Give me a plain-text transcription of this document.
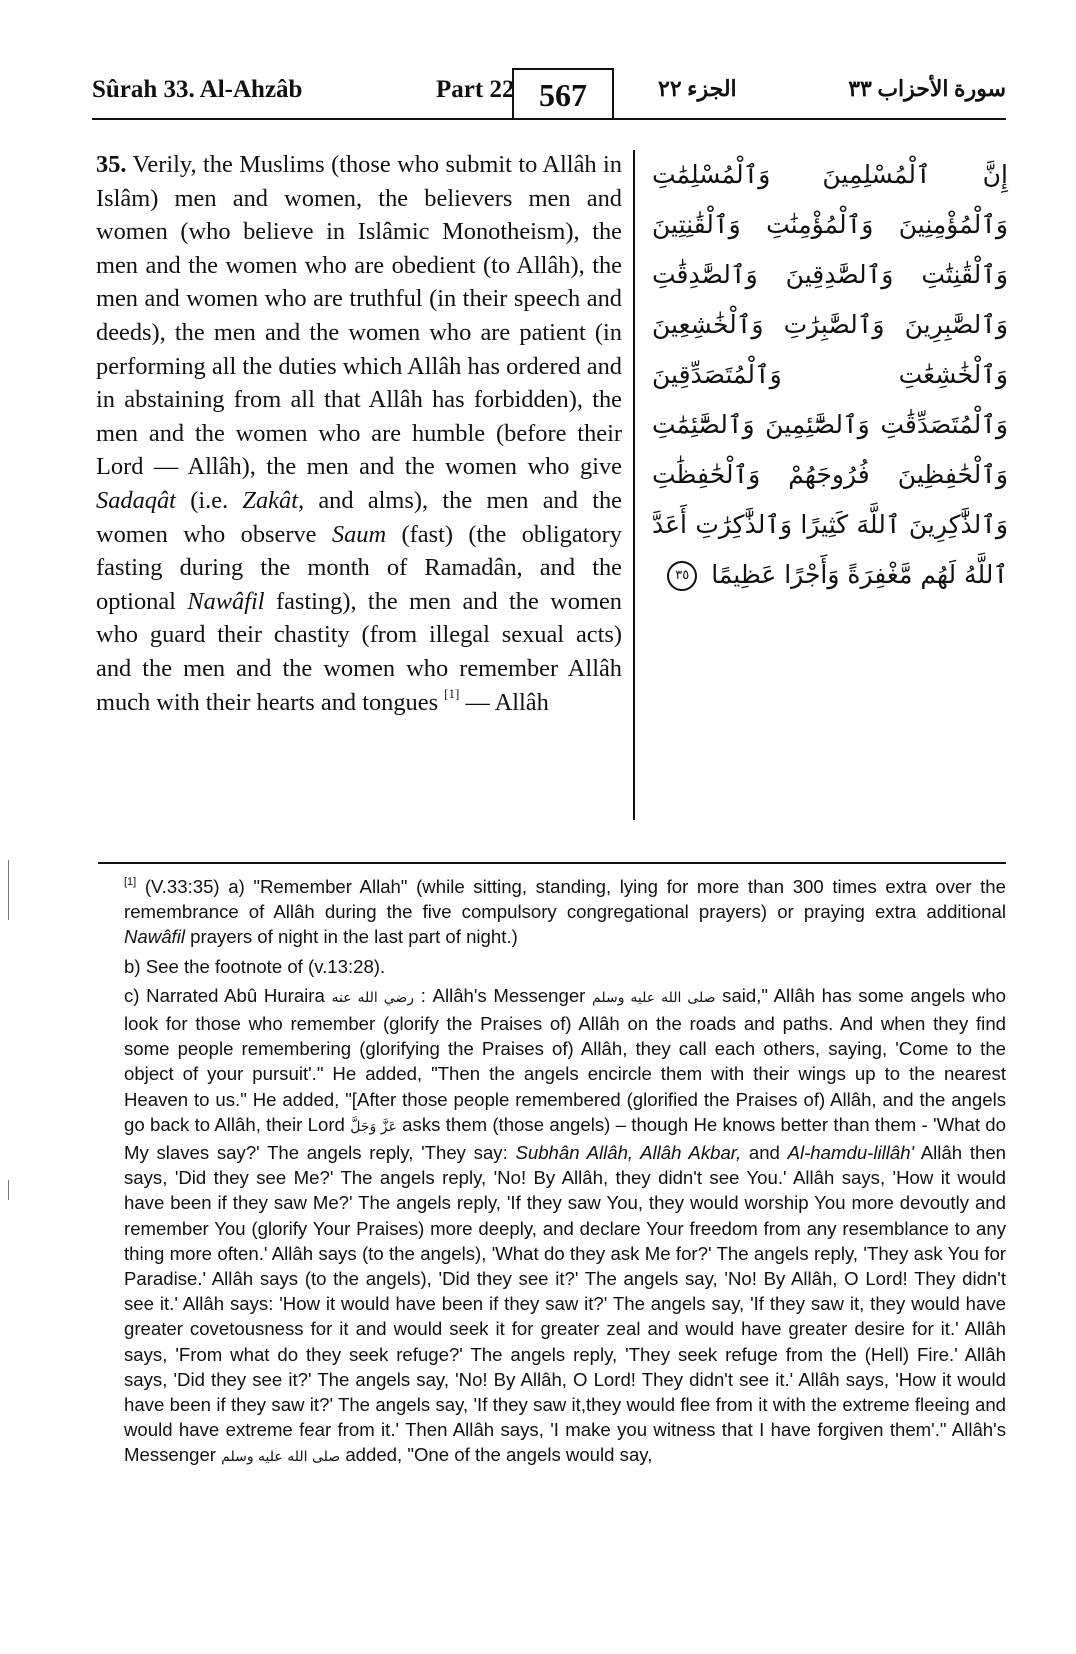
Sûrah 33. Al-Ahzâb	Part 22 567	الجزء ٢٢	سورة الأحزاب ٣٣

35. Verily, the Muslims (those who submit to Allâh in Islâm) men and women, the believers men and women (who believe in Islâmic Monotheism), the men and the women who are obedient (to Allâh), the men and women who are truthful (in their speech and deeds), the men and the women who are patient (in performing all the duties which Allâh has ordered and in abstaining from all that Allâh has forbidden), the men and the women who are humble (before their Lord — Allâh), the men and the women who give Sadaqât (i.e. Zakât, and alms), the men and the women who observe Saum (fast) (the obligatory fasting during the month of Ramadân, and the optional Nawâfil fasting), the men and the women who guard their chastity (from illegal sexual acts) and the men and the women who remember Allâh much with their hearts and tongues [1] — Allâh

إِنَّ ٱلْمُسْلِمِينَ وَٱلْمُسْلِمَٰتِ وَٱلْمُؤْمِنِينَ وَٱلْمُؤْمِنَٰتِ وَٱلْقَٰنِتِينَ وَٱلْقَٰنِتَٰتِ وَٱلصَّٰدِقِينَ وَٱلصَّٰدِقَٰتِ وَٱلصَّٰبِرِينَ وَٱلصَّٰبِرَٰتِ وَٱلْخَٰشِعِينَ وَٱلْخَٰشِعَٰتِ وَٱلْمُتَصَدِّقِينَ وَٱلْمُتَصَدِّقَٰتِ وَٱلصَّٰٓئِمِينَ وَٱلصَّٰٓئِمَٰتِ وَٱلْحَٰفِظِينَ فُرُوجَهُمْ وَٱلْحَٰفِظَٰتِ وَٱلذَّٰكِرِينَ ٱللَّهَ كَثِيرًا وَٱلذَّٰكِرَٰتِ أَعَدَّ ٱللَّهُ لَهُم مَّغْفِرَةً وَأَجْرًا عَظِيمًا ٣٥

[1] (V.33:35) a) "Remember Allah" (while sitting, standing, lying for more than 300 times extra over the remembrance of Allâh during the five compulsory congregational prayers) or praying extra additional Nawâfil prayers of night in the last part of night.)

b) See the footnote of (v.13:28).

c) Narrated Abû Huraira رضي الله عنه : Allâh's Messenger صلى الله عليه وسلم said," Allâh has some angels who look for those who remember (glorify the Praises of) Allâh on the roads and paths. And when they find some people remembering (glorifying the Praises of) Allâh, they call each others, saying, 'Come to the object of your pursuit'." He added, "Then the angels encircle them with their wings up to the nearest Heaven to us." He added, "[After those people remembered (glorified the Praises of) Allâh, and the angels go back to Allâh, their Lord عَزَّ وَجَلَّ asks them (those angels) – though He knows better than them - 'What do My slaves say?' The angels reply, 'They say: Subhân Allâh, Allâh Akbar, and Al-hamdu-lillâh' Allâh then says, 'Did they see Me?' The angels reply, 'No! By Allâh, they didn't see You.' Allâh says, 'How it would have been if they saw Me?' The angels reply, 'If they saw You, they would worship You more devoutly and remember You (glorify Your Praises) more deeply, and declare Your freedom from any resemblance to any thing more often.' Allâh says (to the angels), 'What do they ask Me for?' The angels reply, 'They ask You for Paradise.' Allâh says (to the angels), 'Did they see it?' The angels say, 'No! By Allâh, O Lord! They didn't see it.' Allâh says: 'How it would have been if they saw it?' The angels say, 'If they saw it, they would have greater covetousness for it and would seek it for greater zeal and would have greater desire for it.' Allâh says, 'From what do they seek refuge?' The angels reply, 'They seek refuge from the (Hell) Fire.' Allâh says, 'Did they see it?' The angels say, 'No! By Allâh, O Lord! They didn't see it.' Allâh says, 'How it would have been if they saw it?' The angels say, 'If they saw it,they would flee from it with the extreme fleeing and would have extreme fear from it.' Then Allâh says, 'I make you witness that I have forgiven them'." Allâh's Messenger صلى الله عليه وسلم added, "One of the angels would say,
